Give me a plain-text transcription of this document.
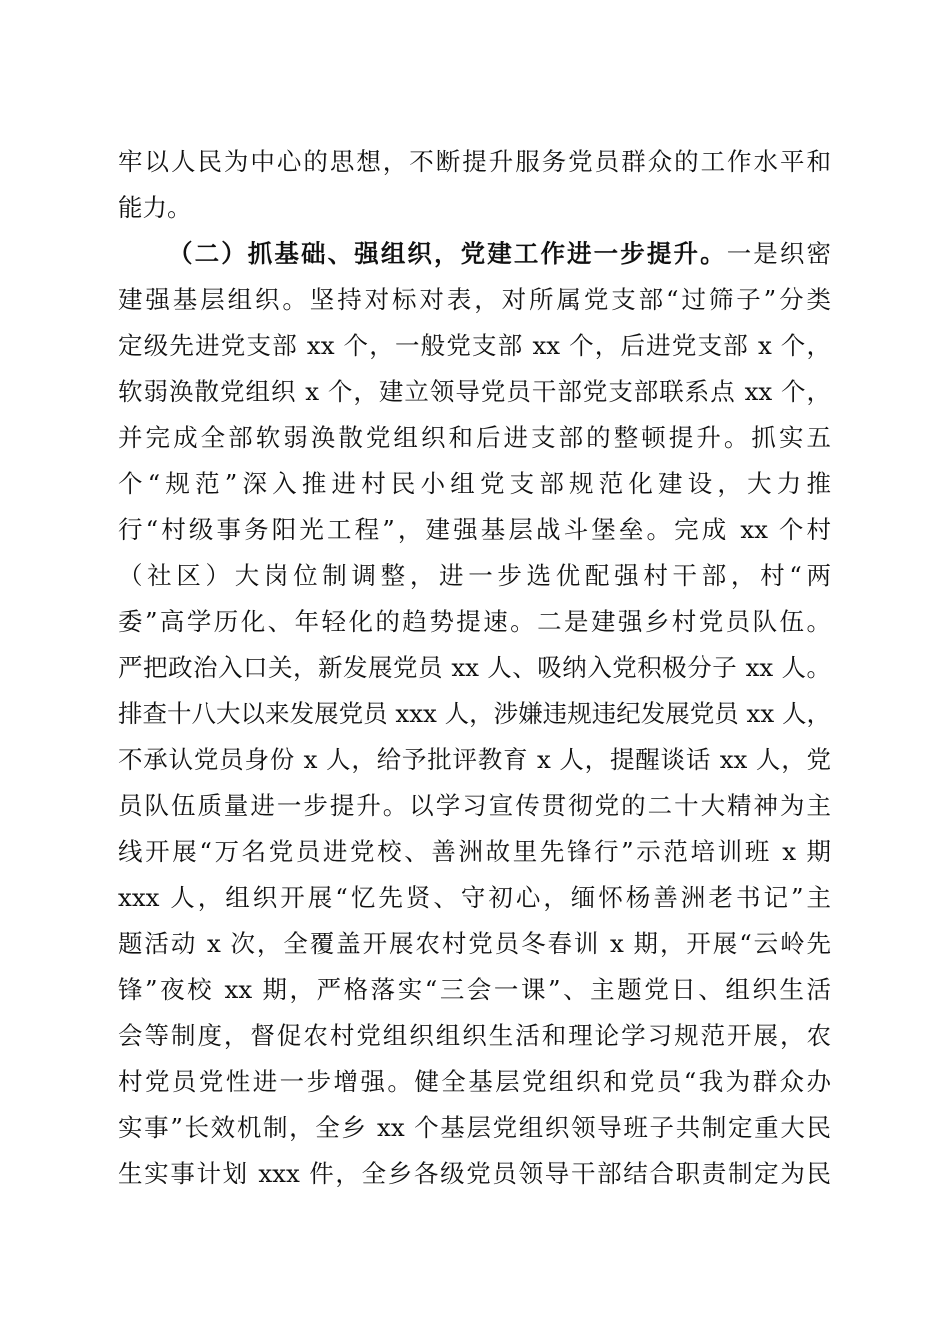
牢以人民为中心的思想，不断提升服务党员群众的工作水平和
能力。
（二）抓基础、强组织，党建工作进一步提升。一是织密
建强基层组织。坚持对标对表，对所属党支部“过筛子”分类
定级先进党支部 xx 个，一般党支部 xx 个，后进党支部 x 个，
软弱涣散党组织 x 个，建立领导党员干部党支部联系点 xx 个，
并完成全部软弱涣散党组织和后进支部的整顿提升。抓实五
个“规范”深入推进村民小组党支部规范化建设，大力推
行“村级事务阳光工程”，建强基层战斗堡垒。完成 xx 个村
（社区）大岗位制调整，进一步选优配强村干部，村“两
委”高学历化、年轻化的趋势提速。二是建强乡村党员队伍。
严把政治入口关，新发展党员 xx 人、吸纳入党积极分子 xx 人。
排查十八大以来发展党员 xxx 人，涉嫌违规违纪发展党员 xx 人，
不承认党员身份 x 人，给予批评教育 x 人，提醒谈话 xx 人，党
员队伍质量进一步提升。以学习宣传贯彻党的二十大精神为主
线开展“万名党员进党校、善洲故里先锋行”示范培训班 x 期
xxx 人，组织开展“忆先贤、守初心，缅怀杨善洲老书记”主
题活动 x 次，全覆盖开展农村党员冬春训 x 期，开展“云岭先
锋”夜校 xx 期，严格落实“三会一课”、主题党日、组织生活
会等制度，督促农村党组织组织生活和理论学习规范开展，农
村党员党性进一步增强。健全基层党组织和党员“我为群众办
实事”长效机制，全乡 xx 个基层党组织领导班子共制定重大民
生实事计划 xxx 件，全乡各级党员领导干部结合职责制定为民
